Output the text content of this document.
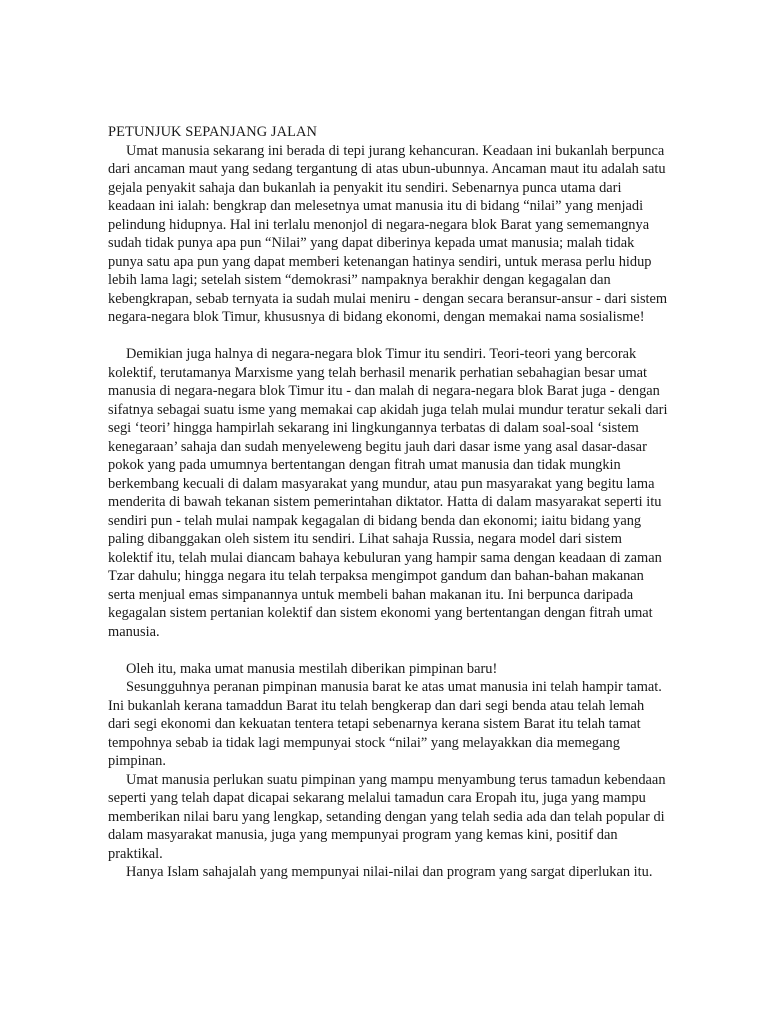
PETUNJUK SEPANJANG JALAN

Umat manusia sekarang ini berada di tepi jurang kehancuran. Keadaan ini bukanlah berpunca dari ancaman maut yang sedang tergantung di atas ubun-ubunnya. Ancaman maut itu adalah satu gejala penyakit sahaja dan bukanlah ia penyakit itu sendiri. Sebenarnya punca utama dari keadaan ini ialah: bengkrap dan melesetnya umat manusia itu di bidang “nilai” yang menjadi pelindung hidupnya. Hal ini terlalu menonjol di negara-negara blok Barat yang sememangnya sudah tidak punya apa pun “Nilai” yang dapat diberinya kepada umat manusia; malah tidak punya satu apa pun yang dapat memberi ketenangan hatinya sendiri, untuk merasa perlu hidup lebih lama lagi; setelah sistem “demokrasi” nampaknya berakhir dengan kegagalan dan kebengkrapan, sebab ternyata ia sudah mulai meniru - dengan secara beransur-ansur - dari sistem negara-negara blok Timur, khususnya di bidang ekonomi, dengan memakai nama sosialisme!

Demikian juga halnya di negara-negara blok Timur itu sendiri. Teori-teori yang bercorak kolektif, terutamanya Marxisme yang telah berhasil menarik perhatian sebahagian besar umat manusia di negara-negara blok Timur itu - dan malah di negara-negara blok Barat juga - dengan sifatnya sebagai suatu isme yang memakai cap akidah juga telah mulai mundur teratur sekali dari segi ‘teori’ hingga hampirlah sekarang ini lingkungannya terbatas di dalam soal-soal ‘sistem kenegaraan’ sahaja dan sudah menyeleweng begitu jauh dari dasar isme yang asal dasar-dasar pokok yang pada umumnya bertentangan dengan fitrah umat manusia dan tidak mungkin berkembang kecuali di dalam masyarakat yang mundur, atau pun masyarakat yang begitu lama menderita di bawah tekanan sistem pemerintahan diktator. Hatta di dalam masyarakat seperti itu sendiri pun - telah mulai nampak kegagalan di bidang benda dan ekonomi; iaitu bidang yang paling dibanggakan oleh sistem itu sendiri. Lihat sahaja Russia, negara model dari sistem kolektif itu, telah mulai diancam bahaya kebuluran yang hampir sama dengan keadaan di zaman Tzar dahulu; hingga negara itu telah terpaksa mengimpot gandum dan bahan-bahan makanan serta menjual emas simpanannya untuk membeli bahan makanan itu. Ini berpunca daripada kegagalan sistem pertanian kolektif dan sistem ekonomi yang bertentangan dengan fitrah umat manusia.

Oleh itu, maka umat manusia mestilah diberikan pimpinan baru!

Sesungguhnya peranan pimpinan manusia barat ke atas umat manusia ini telah hampir tamat. Ini bukanlah kerana tamaddun Barat itu telah bengkerap dan dari segi benda atau telah lemah dari segi ekonomi dan kekuatan tentera tetapi sebenarnya kerana sistem Barat itu telah tamat tempohnya sebab ia tidak lagi mempunyai stock “nilai” yang melayakkan dia memegang pimpinan.

Umat manusia perlukan suatu pimpinan yang mampu menyambung terus tamadun kebendaan seperti yang telah dapat dicapai sekarang melalui tamadun cara Eropah itu, juga yang mampu memberikan nilai baru yang lengkap, setanding dengan yang telah sedia ada dan telah popular di dalam masyarakat manusia, juga yang mempunyai program yang kemas kini, positif dan praktikal.

Hanya Islam sahajalah yang mempunyai nilai-nilai dan program yang sargat diperlukan itu.
